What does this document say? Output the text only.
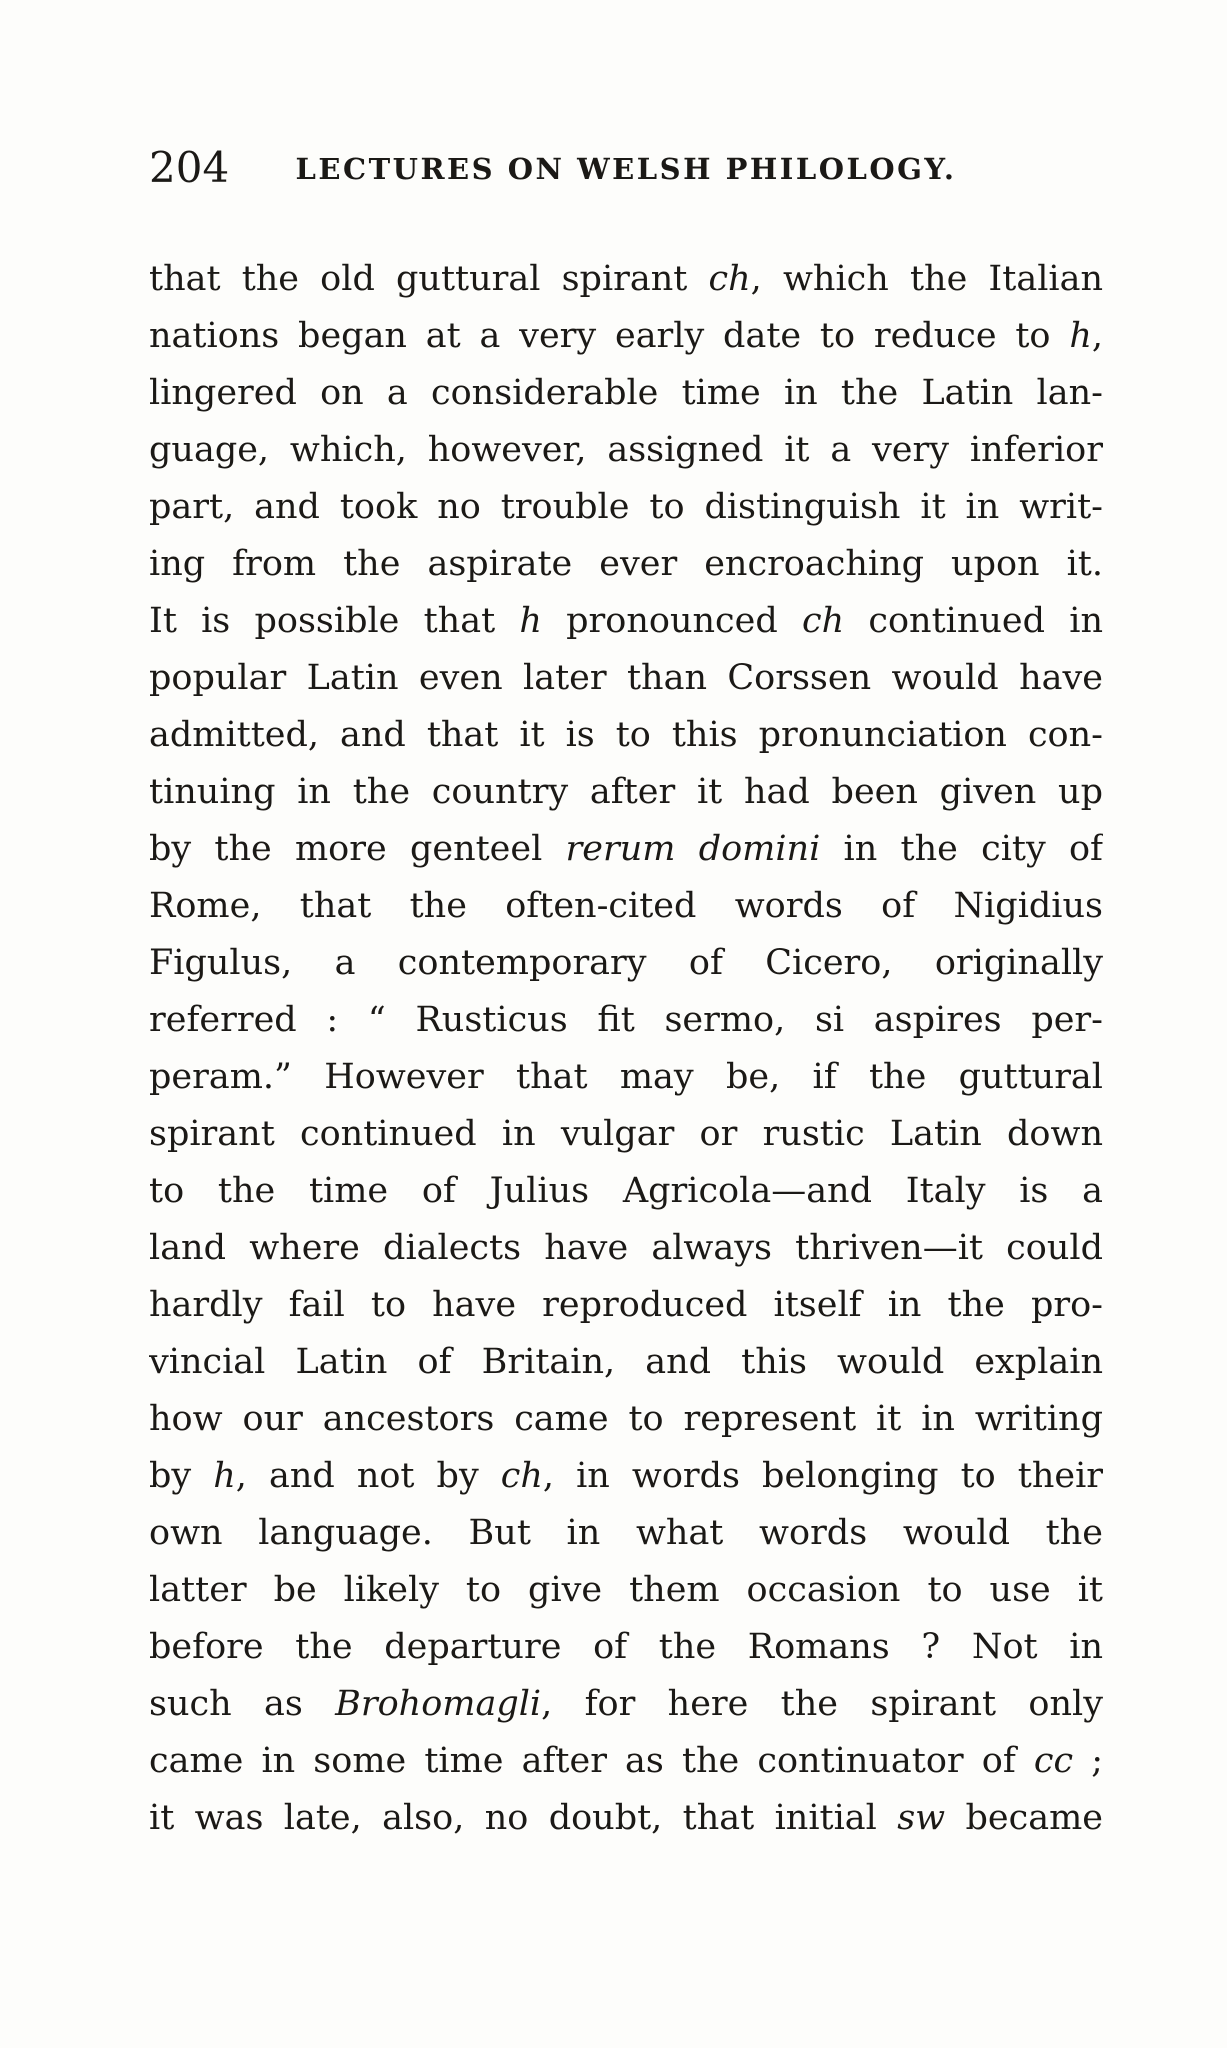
204	LECTURES ON WELSH PHILOLOGY.
that the old guttural spirant ch, which the Italian
nations began at a very early date to reduce to h,
lingered on a considerable time in the Latin lan-
guage, which, however, assigned it a very inferior
part, and took no trouble to distinguish it in writ-
ing from the aspirate ever encroaching upon it.
It is possible that h pronounced ch continued in
popular Latin even later than Corssen would have
admitted, and that it is to this pronunciation con-
tinuing in the country after it had been given up
by the more genteel rerum domini in the city of
Rome, that the often-cited words of Nigidius
Figulus, a contemporary of Cicero, originally
referred : “ Rusticus fit sermo, si aspires per-
peram.” However that may be, if the guttural
spirant continued in vulgar or rustic Latin down
to the time of Julius Agricola—and Italy is a
land where dialects have always thriven—it could
hardly fail to have reproduced itself in the pro-
vincial Latin of Britain, and this would explain
how our ancestors came to represent it in writing
by h, and not by ch, in words belonging to their
own language. But in what words would the
latter be likely to give them occasion to use it
before the departure of the Romans ? Not in
such as Brohomagli, for here the spirant only
came in some time after as the continuator of cc ;
it was late, also, no doubt, that initial sw became
